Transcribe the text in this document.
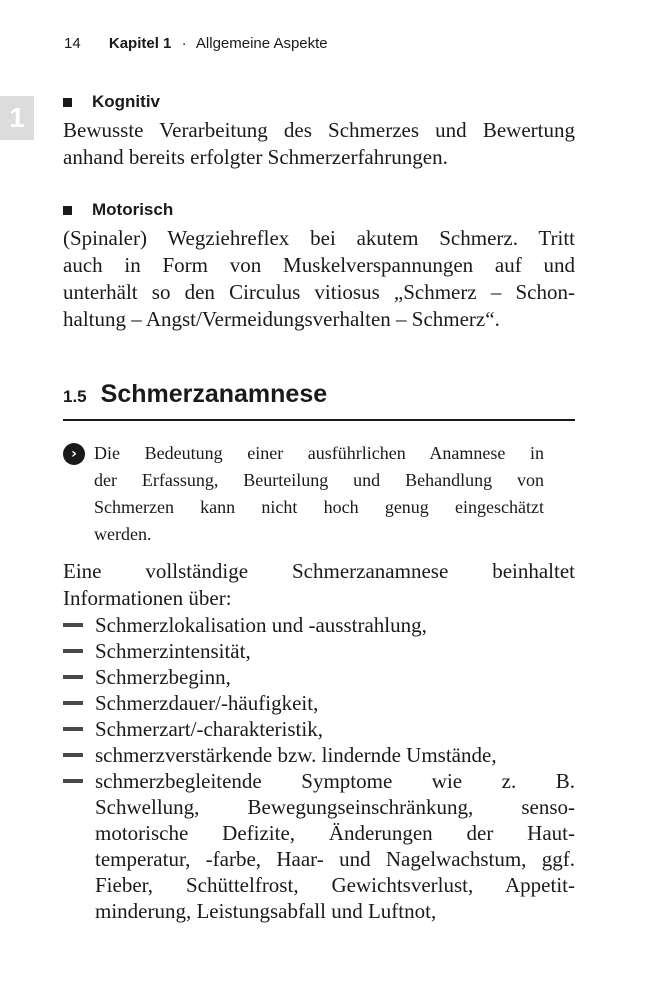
14 Kapitel 1 · Allgemeine Aspekte
1
Kognitiv
Bewusste Verarbeitung des Schmerzes und Bewertung
anhand bereits erfolgter Schmerzerfahrungen.
Motorisch
(Spinaler) Wegziehreflex bei akutem Schmerz. Tritt
auch in Form von Muskelverspannungen auf und
unterhält so den Circulus vitiosus „Schmerz – Schon-
haltung – Angst/Vermeidungsverhalten – Schmerz“.
1.5 Schmerzanamnese
› Die Bedeutung einer ausführlichen Anamnese in
der Erfassung, Beurteilung und Behandlung von
Schmerzen kann nicht hoch genug eingeschätzt
werden.
Eine vollständige Schmerzanamnese beinhaltet
Informationen über:
Schmerzlokalisation und -ausstrahlung,
Schmerzintensität,
Schmerzbeginn,
Schmerzdauer/-häufigkeit,
Schmerzart/-charakteristik,
schmerzverstärkende bzw. lindernde Umstände,
schmerzbegleitende Symptome wie z. B.
Schwellung, Bewegungseinschränkung, senso-
motorische Defizite, Änderungen der Haut-
temperatur, -farbe, Haar- und Nagelwachstum, ggf.
Fieber, Schüttelfrost, Gewichtsverlust, Appetit-
minderung, Leistungsabfall und Luftnot,
